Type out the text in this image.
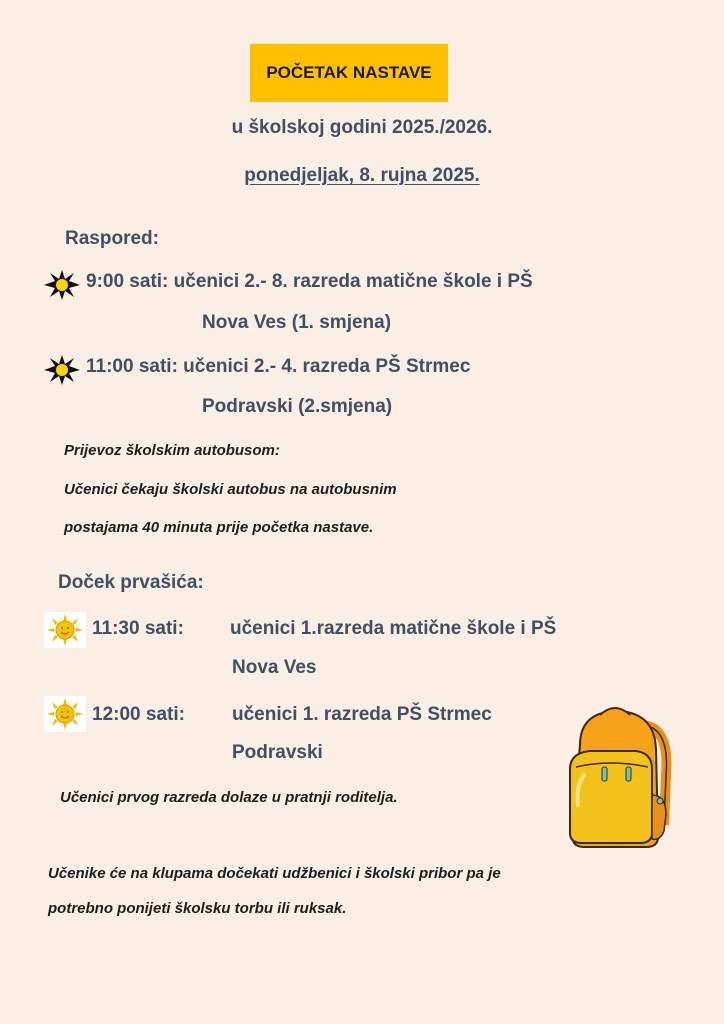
POČETAK NASTAVE
u školskoj godini 2025./2026.
ponedjeljak, 8. rujna 2025.
Raspored:
9:00 sati: učenici 2.- 8. razreda matične škole i PŠ
Nova Ves (1. smjena)
11:00 sati: učenici 2.- 4. razreda PŠ Strmec
Podravski (2.smjena)
Prijevoz školskim autobusom:
Učenici čekaju školski autobus na autobusnim
postajama 40 minuta prije početka nastave.
Doček prvašića:
11:30 sati: učenici 1.razreda matične škole i PŠ
Nova Ves
12:00 sati: učenici 1. razreda PŠ Strmec
Podravski
Učenici prvog razreda dolaze u pratnji roditelja.
Učenike će na klupama dočekati udžbenici i školski pribor pa je
potrebno ponijeti školsku torbu ili ruksak.
